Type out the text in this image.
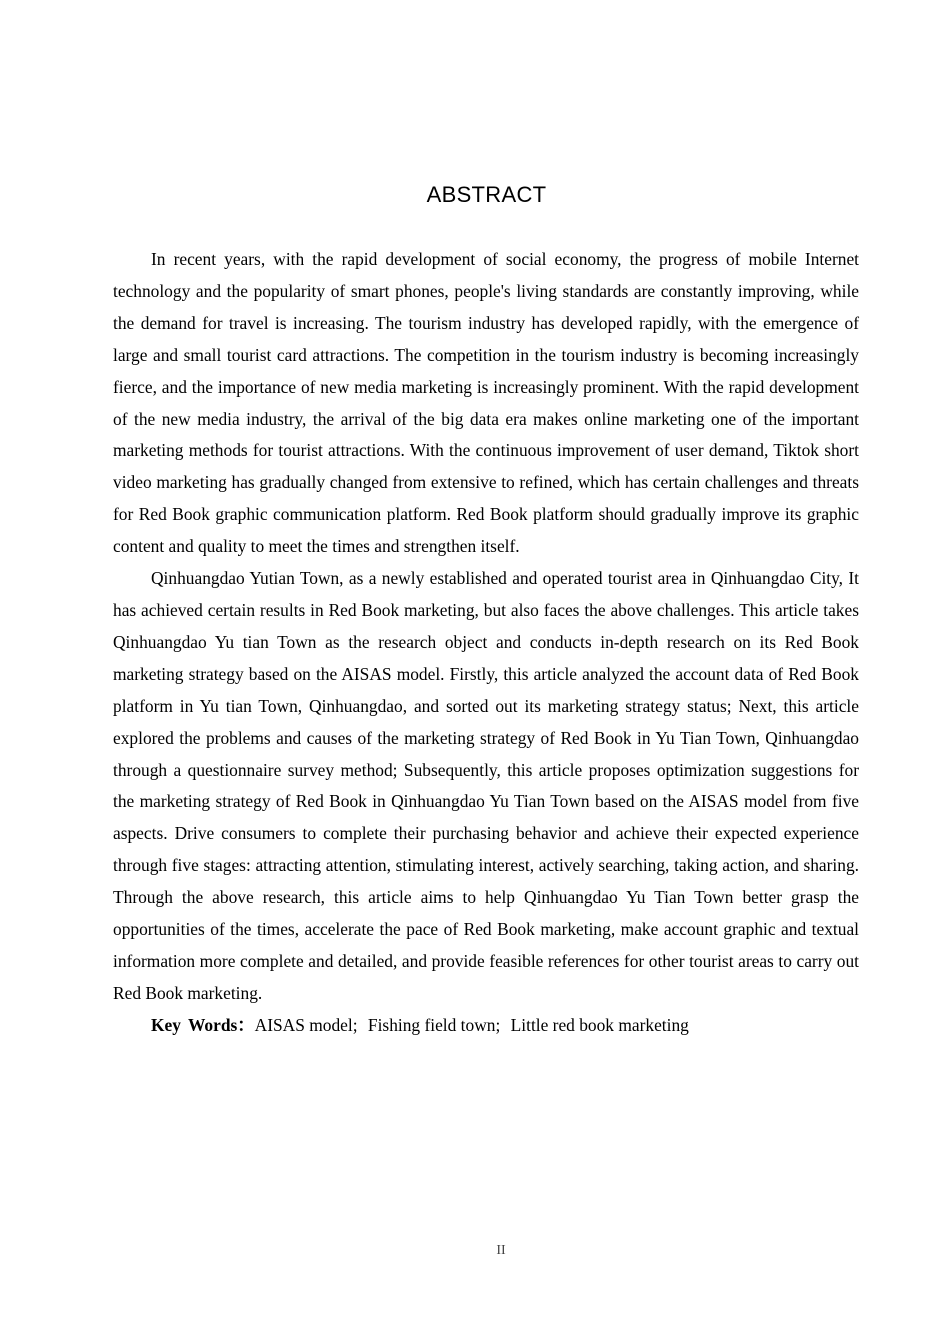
ABSTRACT

In recent years, with the rapid development of social economy, the progress of mobile Internet technology and the popularity of smart phones, people's living standards are constantly improving, while the demand for travel is increasing. The tourism industry has developed rapidly, with the emergence of large and small tourist card attractions. The competition in the tourism industry is becoming increasingly fierce, and the importance of new media marketing is increasingly prominent. With the rapid development of the new media industry, the arrival of the big data era makes online marketing one of the important marketing methods for tourist attractions. With the continuous improvement of user demand, Tiktok short video marketing has gradually changed from extensive to refined, which has certain challenges and threats for Red Book graphic communication platform. Red Book platform should gradually improve its graphic content and quality to meet the times and strengthen itself.

Qinhuangdao Yutian Town, as a newly established and operated tourist area in Qinhuangdao City, It has achieved certain results in Red Book marketing, but also faces the above challenges. This article takes Qinhuangdao Yu tian Town as the research object and conducts in-depth research on its Red Book marketing strategy based on the AISAS model. Firstly, this article analyzed the account data of Red Book platform in Yu tian Town, Qinhuangdao, and sorted out its marketing strategy status; Next, this article explored the problems and causes of the marketing strategy of Red Book in Yu Tian Town, Qinhuangdao through a questionnaire survey method; Subsequently, this article proposes optimization suggestions for the marketing strategy of Red Book in Qinhuangdao Yu Tian Town based on the AISAS model from five aspects. Drive consumers to complete their purchasing behavior and achieve their expected experience through five stages: attracting attention, stimulating interest, actively searching, taking action, and sharing. Through the above research, this article aims to help Qinhuangdao Yu Tian Town better grasp the opportunities of the times, accelerate the pace of Red Book marketing, make account graphic and textual information more complete and detailed, and provide feasible references for other tourist areas to carry out Red Book marketing.

Key Words：AISAS model; Fishing field town; Little red book marketing

II
